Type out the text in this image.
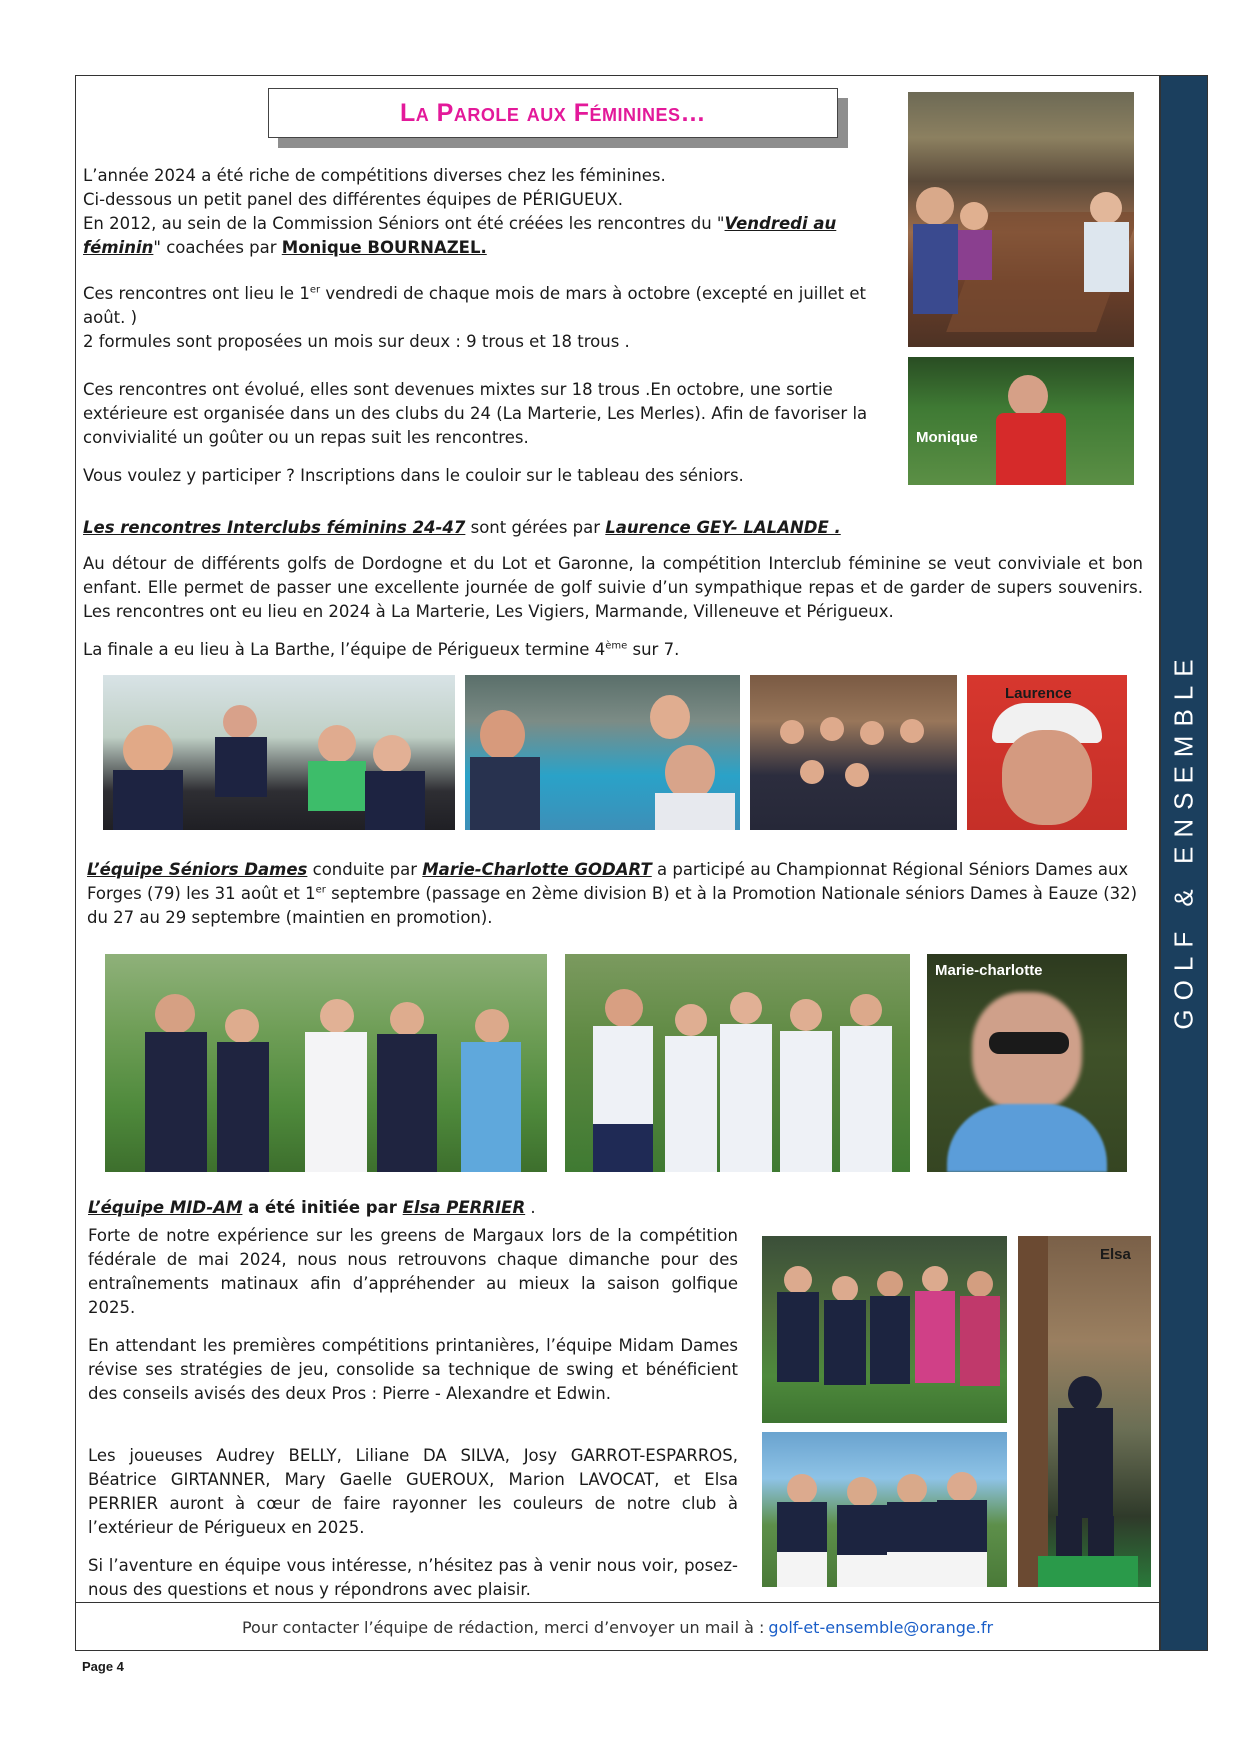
GOLF & ENSEMBLE
La Parole aux Féminines…

L’année 2024 a été riche de compétitions diverses chez les féminines.

Ci-dessous un petit panel des différentes équipes de PÉRIGUEUX.

En 2012, au sein de la Commission Séniors ont été créées les rencontres du "Vendredi au féminin" coachées par Monique BOURNAZEL.

Ces rencontres ont lieu le 1er vendredi de chaque mois de mars à octobre (excepté en juillet et août. )

2 formules sont proposées un mois sur deux : 9 trous et 18 trous .

Ces rencontres ont évolué, elles sont devenues mixtes sur 18 trous .En octobre, une sortie extérieure est organisée dans un des clubs du 24 (La Marterie, Les Merles). Afin de favoriser la convivialité un goûter ou un repas suit les rencontres.

Vous voulez y participer ? Inscriptions dans le couloir sur le tableau des séniors.

Monique

Les rencontres Interclubs féminins 24-47 sont gérées par Laurence GEY- LALANDE .

Au détour de différents golfs de Dordogne et du Lot et Garonne, la compétition Interclub féminine se veut conviviale et bon enfant. Elle permet de passer une excellente journée de golf suivie d’un sympathique repas et de garder de supers souvenirs. Les rencontres ont eu lieu en 2024 à La Marterie, Les Vigiers, Marmande, Villeneuve et Périgueux.

La finale a eu lieu à La Barthe, l’équipe de Périgueux termine 4ème sur 7.

Laurence

L’équipe Séniors Dames conduite par Marie-Charlotte GODART a participé au Championnat Régional Séniors Dames aux Forges (79) les 31 août et 1er septembre (passage en 2ème division B) et à la Promotion Nationale séniors Dames à Eauze (32) du 27 au 29 septembre (maintien en promotion).

Marie-charlotte

L’équipe MID-AM a été initiée par Elsa PERRIER .

Forte de notre expérience sur les greens de Margaux lors de la compétition fédérale de mai 2024, nous nous retrouvons chaque dimanche pour des entraînements matinaux afin d’appréhender au mieux la saison golfique 2025.

En attendant les premières compétitions printanières, l’équipe Midam Dames révise ses stratégies de jeu, consolide sa technique de swing et bénéficient des conseils avisés des deux Pros : Pierre - Alexandre et Edwin.

Les joueuses Audrey BELLY, Liliane DA SILVA, Josy GARROT-ESPARROS, Béatrice GIRTANNER, Mary Gaelle GUEROUX, Marion LAVOCAT, et Elsa PERRIER auront à cœur de faire rayonner les couleurs de notre club à l’extérieur de Périgueux en 2025.

Si l’aventure en équipe vous intéresse, n’hésitez pas à venir nous voir, posez-nous des questions et nous y répondrons avec plaisir.

Elsa
Pour contacter l’équipe de rédaction, merci d’envoyer un mail à : golf-et-ensemble@orange.fr
Page 4
